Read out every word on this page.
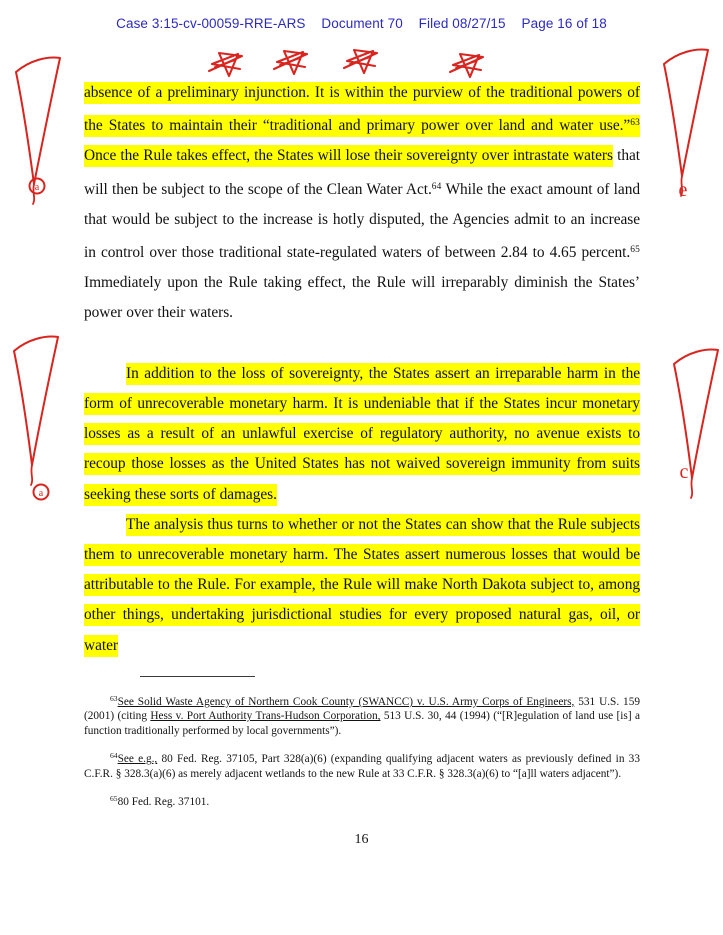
Case 3:15-cv-00059-RRE-ARS Document 70 Filed 08/27/15 Page 16 of 18

absence of a preliminary injunction. It is within the purview of the traditional powers of the States to maintain their “traditional and primary power over land and water use.”$^{63}$ Once the Rule takes effect, the States will lose their sovereignty over intrastate waters that will then be subject to the scope of the Clean Water Act.$^{64}$ While the exact amount of land that would be subject to the increase is hotly disputed, the Agencies admit to an increase in control over those traditional state-regulated waters of between 2.84 to 4.65 percent.$^{65}$ Immediately upon the Rule taking effect, the Rule will irreparably diminish the States’ power over their waters.

In addition to the loss of sovereignty, the States assert an irreparable harm in the form of unrecoverable monetary harm. It is undeniable that if the States incur monetary losses as a result of an unlawful exercise of regulatory authority, no avenue exists to recoup those losses as the United States has not waived sovereign immunity from suits seeking these sorts of damages.

The analysis thus turns to whether or not the States can show that the Rule subjects them to unrecoverable monetary harm. The States assert numerous losses that would be attributable to the Rule. For example, the Rule will make North Dakota subject to, among other things, undertaking jurisdictional studies for every proposed natural gas, oil, or water

$^{63}$See Solid Waste Agency of Northern Cook County (SWANCC) v. U.S. Army Corps of Engineers, 531 U.S. 159 (2001) (citing Hess v. Port Authority Trans-Hudson Corporation, 513 U.S. 30, 44 (1994) (“[R]egulation of land use [is] a function traditionally performed by local governments”).

$^{64}$See e.g., 80 Fed. Reg. 37105, Part 328(a)(6) (expanding qualifying adjacent waters as previously defined in 33 C.F.R. § 328.3(a)(6) as merely adjacent wetlands to the new Rule at 33 C.F.R. § 328.3(a)(6) to “[a]ll waters adjacent”).

$^{65}$80 Fed. Reg. 37101.

16
a	e
a
c
